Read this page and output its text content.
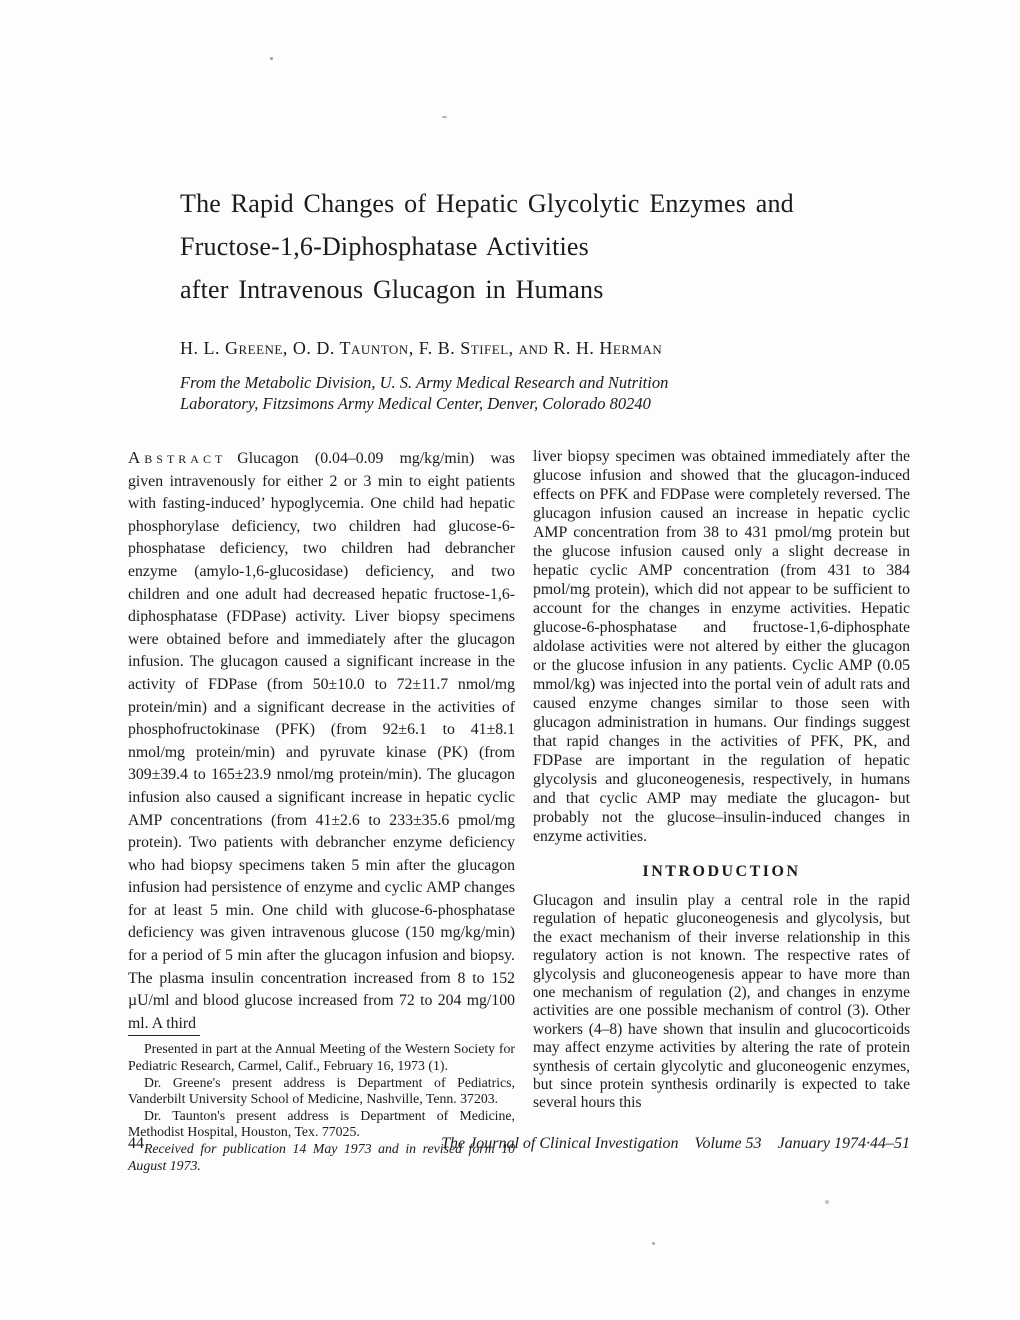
The Rapid Changes of Hepatic Glycolytic Enzymes and
Fructose-1,6-Diphosphatase Activities
after Intravenous Glucagon in Humans
H. L. Greene, O. D. Taunton, F. B. Stifel, and R. H. Herman
From the Metabolic Division, U. S. Army Medical Research and Nutrition
Laboratory, Fitzsimons Army Medical Center, Denver, Colorado 80240

Abstract Glucagon (0.04–0.09 mg/kg/min) was given intravenously for either 2 or 3 min to eight patients with fasting-induced’ hypoglycemia. One child had hepatic phosphorylase deficiency, two children had glucose-6-phosphatase deficiency, two children had debrancher enzyme (amylo-1,6-glucosidase) deficiency, and two children and one adult had decreased hepatic fructose-1,6-diphosphatase (FDPase) activity. Liver biopsy specimens were obtained before and immediately after the glucagon infusion. The glucagon caused a significant increase in the activity of FDPase (from 50±10.0 to 72±11.7 nmol/mg protein/min) and a significant decrease in the activities of phosphofructokinase (PFK) (from 92±6.1 to 41±8.1 nmol/mg protein/min) and pyruvate kinase (PK) (from 309±39.4 to 165±23.9 nmol/mg protein/min). The glucagon infusion also caused a significant increase in hepatic cyclic AMP concentrations (from 41±2.6 to 233±35.6 pmol/mg protein). Two patients with debrancher enzyme deficiency who had biopsy specimens taken 5 min after the glucagon infusion had persistence of enzyme and cyclic AMP changes for at least 5 min. One child with glucose-6-phosphatase deficiency was given intravenous glucose (150 mg/kg/min) for a period of 5 min after the glucagon infusion and biopsy. The plasma insulin concentration increased from 8 to 152 µU/ml and blood glucose increased from 72 to 204 mg/100 ml. A third

Presented in part at the Annual Meeting of the Western Society for Pediatric Research, Carmel, Calif., February 16, 1973 (1).

Dr. Greene's present address is Department of Pediatrics, Vanderbilt University School of Medicine, Nashville, Tenn. 37203.

Dr. Taunton's present address is Department of Medicine, Methodist Hospital, Houston, Tex. 77025.

Received for publication 14 May 1973 and in revised form 10 August 1973.

liver biopsy specimen was obtained immediately after the glucose infusion and showed that the glucagon-induced effects on PFK and FDPase were completely reversed. The glucagon infusion caused an increase in hepatic cyclic AMP concentration from 38 to 431 pmol/mg protein but the glucose infusion caused only a slight decrease in hepatic cyclic AMP concentration (from 431 to 384 pmol/mg protein), which did not appear to be sufficient to account for the changes in enzyme activities. Hepatic glucose-6-phosphatase and fructose-1,6-diphosphate aldolase activities were not altered by either the glucagon or the glucose infusion in any patients. Cyclic AMP (0.05 mmol/kg) was injected into the portal vein of adult rats and caused enzyme changes similar to those seen with glucagon administration in humans. Our findings suggest that rapid changes in the activities of PFK, PK, and FDPase are important in the regulation of hepatic glycolysis and gluconeogenesis, respectively, in humans and that cyclic AMP may mediate the glucagon- but probably not the glucose–insulin-induced changes in enzyme activities.

INTRODUCTION

Glucagon and insulin play a central role in the rapid regulation of hepatic gluconeogenesis and glycolysis, but the exact mechanism of their inverse relationship in this regulatory action is not known. The respective rates of glycolysis and gluconeogenesis appear to have more than one mechanism of regulation (2), and changes in enzyme activities are one possible mechanism of control (3). Other workers (4–8) have shown that insulin and glucocorticoids may affect enzyme activities by altering the rate of protein synthesis of certain glycolytic and gluconeogenic enzymes, but since protein synthesis ordinarily is expected to take several hours this

44	The Journal of Clinical Investigation Volume 53 January 1974·44–51
